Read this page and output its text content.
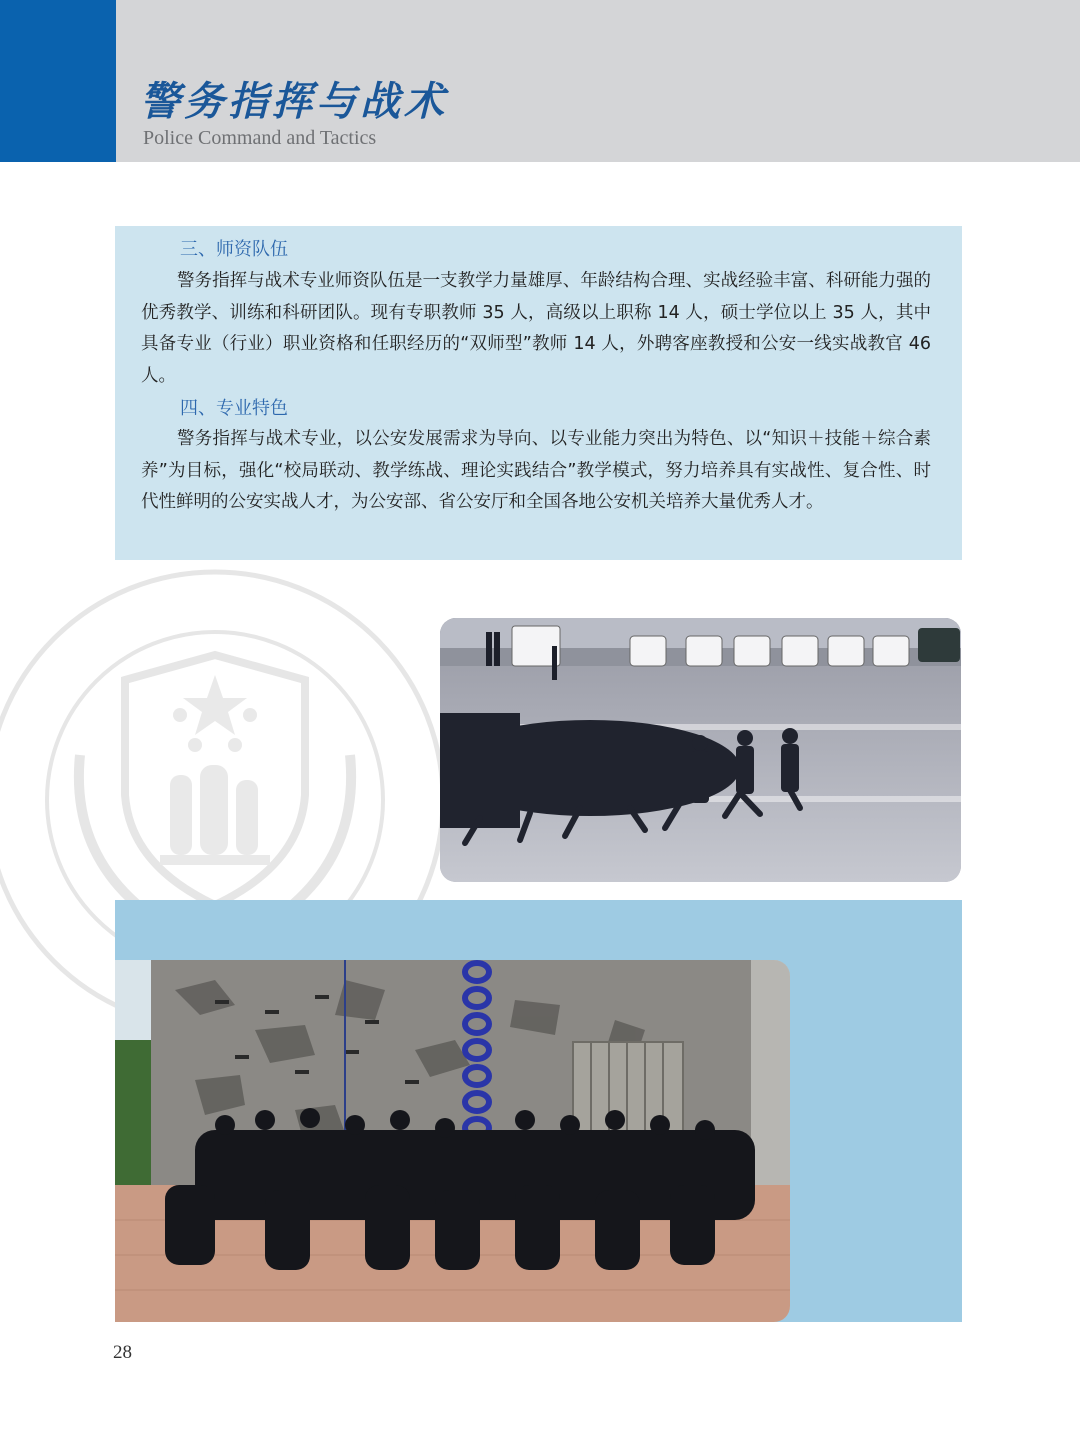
警务指挥与战术
Police Command and Tactics
三、师资队伍

警务指挥与战术专业师资队伍是一支教学力量雄厚、年龄结构合理、实战经验丰富、科研能力强的优秀教学、训练和科研团队。现有专职教师 35 人，高级以上职称 14 人，硕士学位以上 35 人，其中具备专业（行业）职业资格和任职经历的“双师型”教师 14 人，外聘客座教授和公安一线实战教官 46 人。

四、专业特色

警务指挥与战术专业，以公安发展需求为导向、以专业能力突出为特色、以“知识＋技能＋综合素养”为目标，强化“校局联动、教学练战、理论实践结合”教学模式，努力培养具有实战性、复合性、时代性鲜明的公安实战人才，为公安部、省公安厅和全国各地公安机关培养大量优秀人才。

28
